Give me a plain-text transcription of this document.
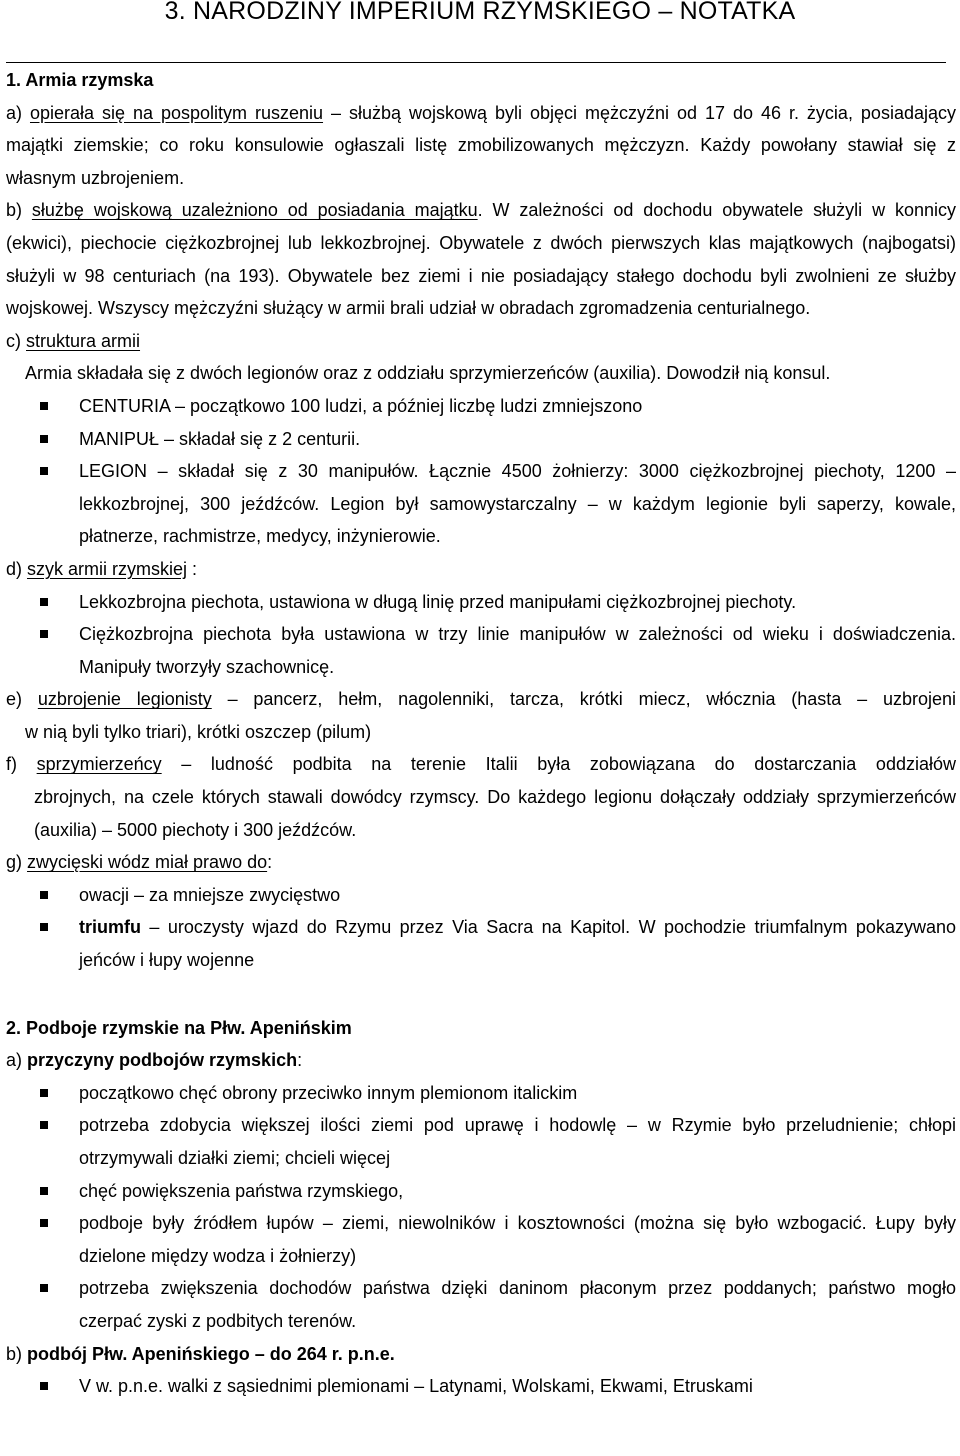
3. NARODZINY IMPERIUM RZYMSKIEGO – NOTATKA
1. Armia rzymska
a) opierała się na pospolitym ruszeniu – służbą wojskową byli objęci mężczyźni od 17 do 46 r. życia, posiadający majątki ziemskie; co roku konsulowie ogłaszali listę zmobilizowanych mężczyzn. Każdy powołany stawiał się z własnym uzbrojeniem.
b) służbę wojskową uzależniono od posiadania majątku. W zależności od dochodu obywatele służyli w konnicy (ekwici), piechocie ciężkozbrojnej lub lekkozbrojnej. Obywatele z dwóch pierwszych klas majątkowych (najbogatsi) służyli w 98 centuriach (na 193). Obywatele bez ziemi i nie posiadający stałego dochodu byli zwolnieni ze służby wojskowej. Wszyscy mężczyźni służący w armii brali udział w obradach zgromadzenia centurialnego.
c) struktura armii
Armia składała się z dwóch legionów oraz z oddziału sprzymierzeńców (auxilia). Dowodził nią konsul.
CENTURIA – początkowo 100 ludzi, a później liczbę ludzi zmniejszono
MANIPUŁ – składał się z 2 centurii.
LEGION – składał się z 30 manipułów. Łącznie 4500 żołnierzy: 3000 ciężkozbrojnej piechoty, 1200 – lekkozbrojnej, 300 jeźdźców. Legion był samowystarczalny – w każdym legionie byli saperzy, kowale, płatnerze, rachmistrze, medycy, inżynierowie.
d) szyk armii rzymskiej :
Lekkozbrojna piechota, ustawiona w długą linię przed manipułami ciężkozbrojnej piechoty.
Ciężkozbrojna piechota była ustawiona w trzy linie manipułów w zależności od wieku i doświadczenia. Manipuły tworzyły szachownicę.
e) uzbrojenie legionisty – pancerz, hełm, nagolenniki, tarcza, krótki miecz, włócznia (hasta – uzbrojeni
w nią byli tylko triari), krótki oszczep (pilum)
f) sprzymierzeńcy – ludność podbita na terenie Italii była zobowiązana do dostarczania oddziałów
zbrojnych, na czele których stawali dowódcy rzymscy. Do każdego legionu dołączały oddziały sprzymierzeńców (auxilia) – 5000 piechoty i 300 jeźdźców.
g) zwycięski wódz miał prawo do:
owacji – za mniejsze zwycięstwo
triumfu – uroczysty wjazd do Rzymu przez Via Sacra na Kapitol. W pochodzie triumfalnym pokazywano jeńców i łupy wojenne
2. Podboje rzymskie na Płw. Apenińskim
a) przyczyny podbojów rzymskich:
początkowo chęć obrony przeciwko innym plemionom italickim
potrzeba zdobycia większej ilości ziemi pod uprawę i hodowlę – w Rzymie było przeludnienie; chłopi otrzymywali działki ziemi; chcieli więcej
chęć powiększenia państwa rzymskiego,
podboje były źródłem łupów – ziemi, niewolników i kosztowności (można się było wzbogacić. Łupy były dzielone między wodza i żołnierzy)
potrzeba zwiększenia dochodów państwa dzięki daninom płaconym przez poddanych; państwo mogło czerpać zyski z podbitych terenów.
b) podbój Płw. Apenińskiego – do 264 r. p.n.e.
V w. p.n.e. walki z sąsiednimi plemionami – Latynami, Wolskami, Ekwami, Etruskami
